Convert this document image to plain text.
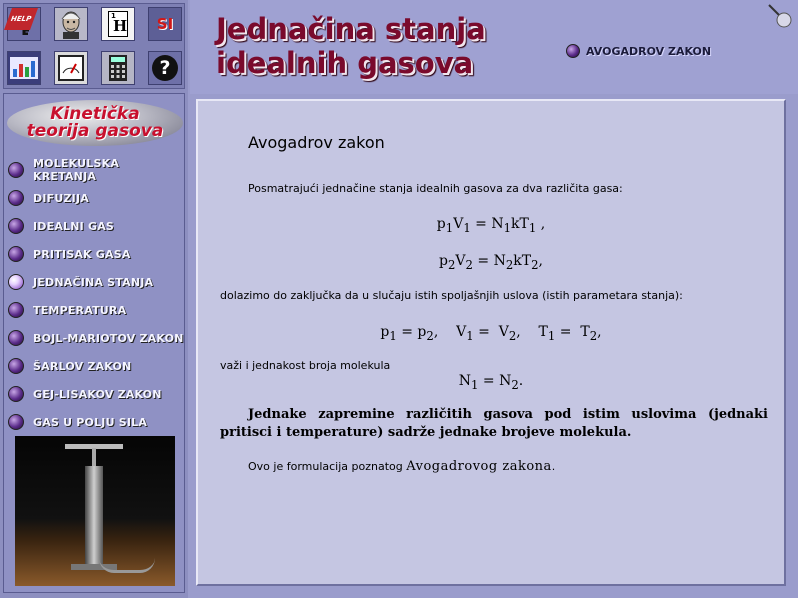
HELP	1
H SI
?
Kinetička
teorija gasova
MOLEKULSKA KRETANJA
DIFUZIJA
IDEALNI GAS
PRITISAK GASA
JEDNAČINA STANJA
TEMPERATURA
BOJL-MARIOTOV ZAKON
ŠARLOV ZAKON
GEJ-LISAKOV ZAKON
GAS U POLJU SILA
Jednačina stanja
idealnih gasova	AVOGADROV ZAKON
Avogadrov zakon
Posmatrajući jednačine stanja idealnih gasova za dva različita gasa:
$p_1V_1 = N_1kT_1$ ,
$p_2V_2 = N_2kT_2$,
dolazimo do zaključka da u slučaju istih spoljašnjih uslova (istih parametara stanja):
$p_1 = p_2$,    $V_1 = V_2$,    $T_1 = T_2$,
važi i jednakost broja molekula
$N_1 = N_2$.
Jednake zapremine različitih gasova pod istim uslovima (jednaki pritisci i temperature) sadrže jednake brojeve molekula.
Ovo je formulacija poznatog Avogadrovog zakona.
